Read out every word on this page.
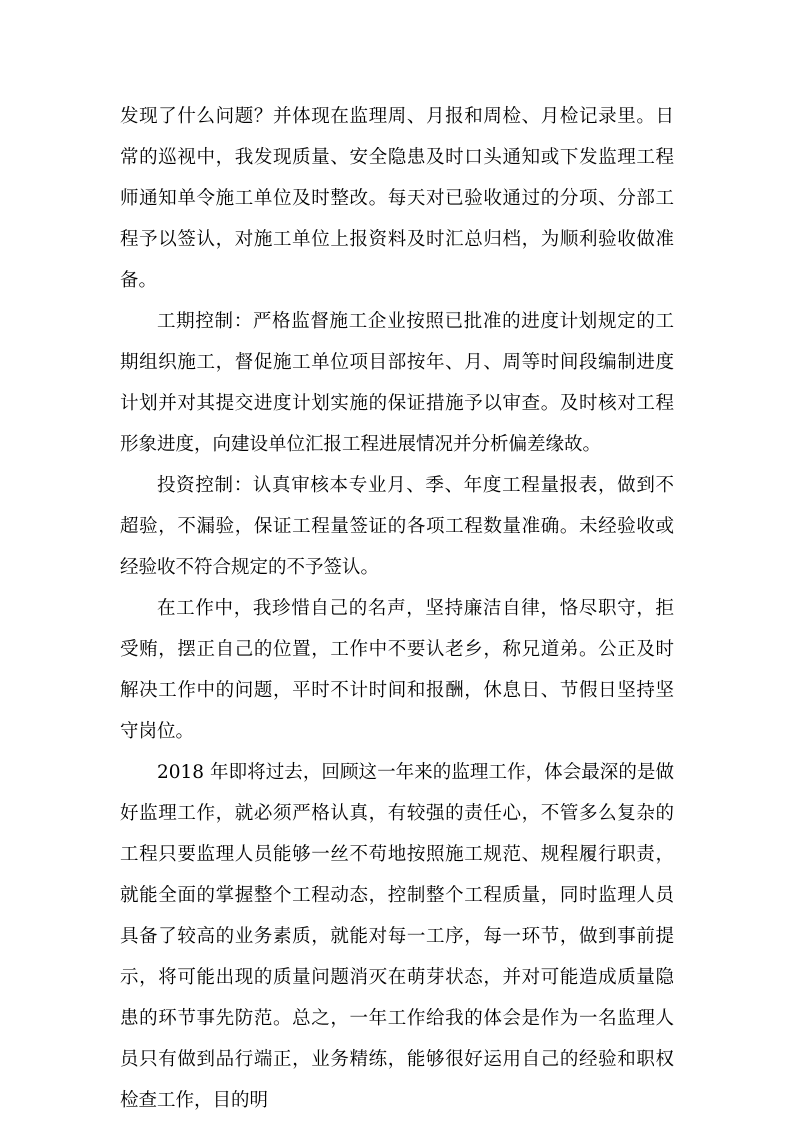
发现了什么问题？并体现在监理周、月报和周检、月检记录里。日常的巡视中，我发现质量、安全隐患及时口头通知或下发监理工程师通知单令施工单位及时整改。每天对已验收通过的分项、分部工程予以签认，对施工单位上报资料及时汇总归档，为顺利验收做准备。

工期控制：严格监督施工企业按照已批准的进度计划规定的工期组织施工，督促施工单位项目部按年、月、周等时间段编制进度计划并对其提交进度计划实施的保证措施予以审查。及时核对工程形象进度，向建设单位汇报工程进展情况并分析偏差缘故。

投资控制：认真审核本专业月、季、年度工程量报表，做到不超验，不漏验，保证工程量签证的各项工程数量准确。未经验收或经验收不符合规定的不予签认。

在工作中，我珍惜自己的名声，坚持廉洁自律，恪尽职守，拒受贿，摆正自己的位置，工作中不要认老乡，称兄道弟。公正及时解决工作中的问题，平时不计时间和报酬，休息日、节假日坚持坚守岗位。

2018 年即将过去，回顾这一年来的监理工作，体会最深的是做好监理工作，就必须严格认真，有较强的责任心，不管多么复杂的工程只要监理人员能够一丝不苟地按照施工规范、规程履行职责，就能全面的掌握整个工程动态，控制整个工程质量，同时监理人员具备了较高的业务素质，就能对每一工序，每一环节，做到事前提示，将可能出现的质量问题消灭在萌芽状态，并对可能造成质量隐患的环节事先防范。总之，一年工作给我的体会是作为一名监理人员只有做到品行端正，业务精练，能够很好运用自己的经验和职权检查工作，目的明
